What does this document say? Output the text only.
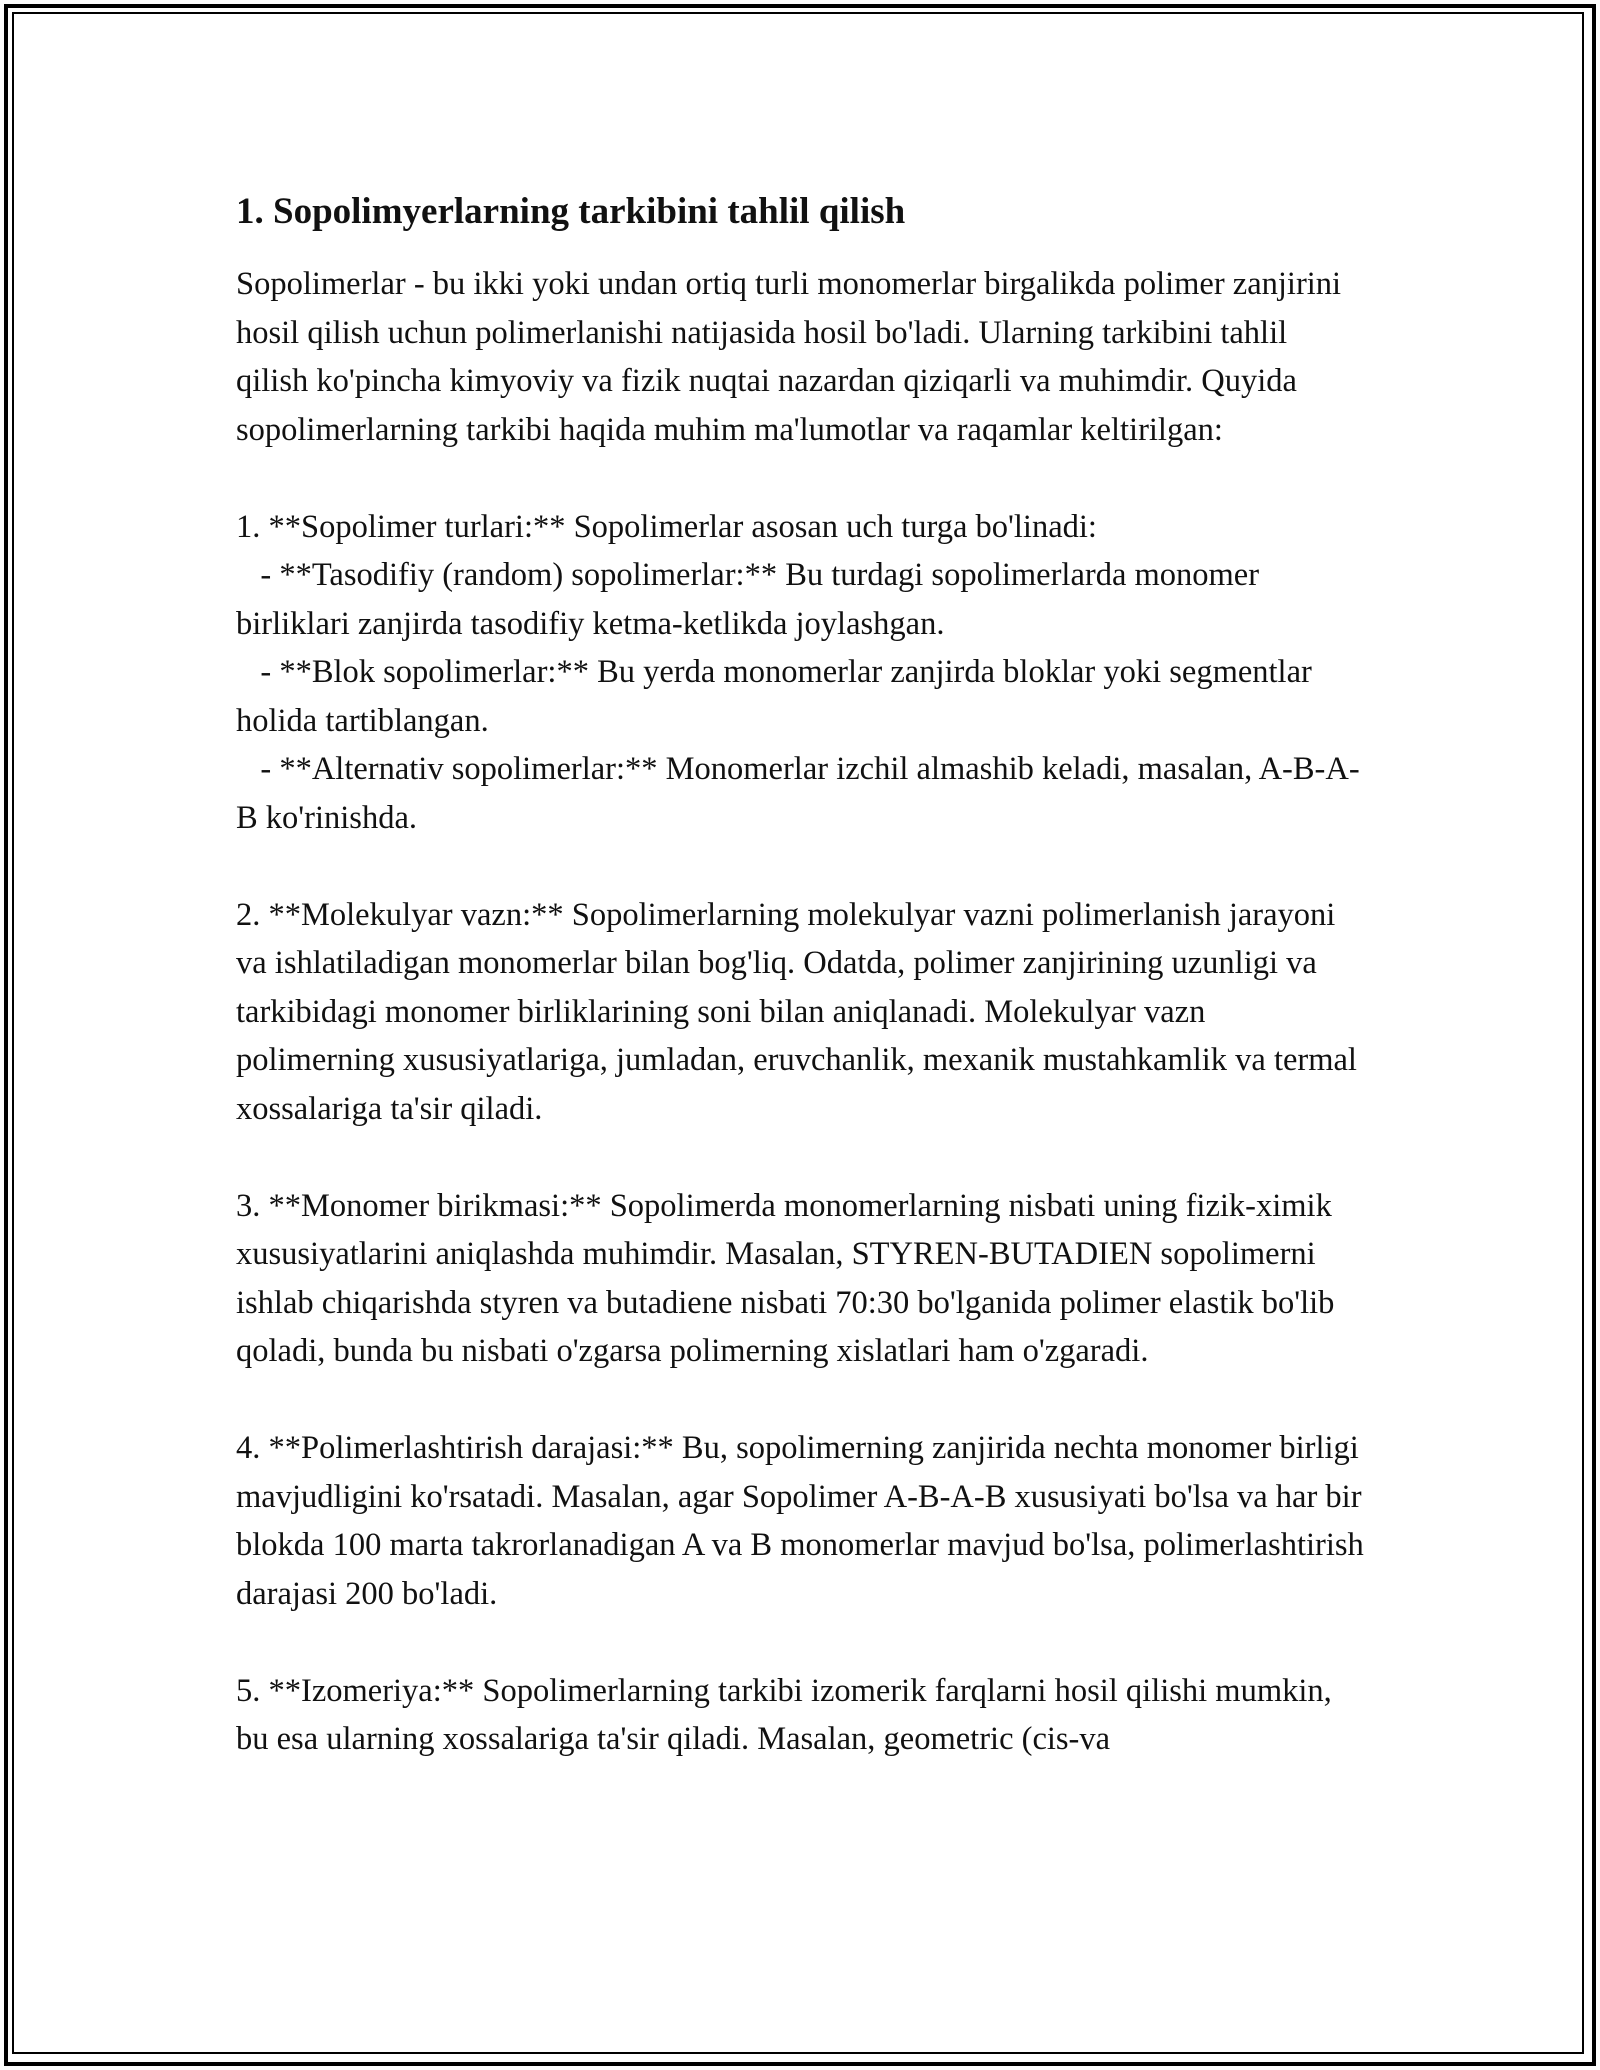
1. Sopolimyerlarning tarkibini tahlil qilish

Sopolimerlar - bu ikki yoki undan ortiq turli monomerlar birgalikda polimer zanjirini hosil qilish uchun polimerlanishi natijasida hosil bo'ladi. Ularning tarkibini tahlil qilish ko'pincha kimyoviy va fizik nuqtai nazardan qiziqarli va muhimdir. Quyida sopolimerlarning tarkibi haqida muhim ma'lumotlar va raqamlar keltirilgan:

1. **Sopolimer turlari:** Sopolimerlar asosan uch turga bo'linadi:
- **Tasodifiy (random) sopolimerlar:** Bu turdagi sopolimerlarda monomer birliklari zanjirda tasodifiy ketma-ketlikda joylashgan.
- **Blok sopolimerlar:** Bu yerda monomerlar zanjirda bloklar yoki segmentlar holida tartiblangan.
- **Alternativ sopolimerlar:** Monomerlar izchil almashib keladi, masalan, A-B-A-B ko'rinishda.

2. **Molekulyar vazn:** Sopolimerlarning molekulyar vazni polimerlanish jarayoni va ishlatiladigan monomerlar bilan bog'liq. Odatda, polimer zanjirining uzunligi va tarkibidagi monomer birliklarining soni bilan aniqlanadi. Molekulyar vazn polimerning xususiyatlariga, jumladan, eruvchanlik, mexanik mustahkamlik va termal xossalariga ta'sir qiladi.

3. **Monomer birikmasi:** Sopolimerda monomerlarning nisbati uning fizik-ximik xususiyatlarini aniqlashda muhimdir. Masalan, STYREN-BUTADIEN sopolimerni ishlab chiqarishda styren va butadiene nisbati 70:30 bo'lganida polimer elastik bo'lib qoladi, bunda bu nisbati o'zgarsa polimerning xislatlari ham o'zgaradi.

4. **Polimerlashtirish darajasi:** Bu, sopolimerning zanjirida nechta monomer birligi mavjudligini ko'rsatadi. Masalan, agar Sopolimer A-B-A-B xususiyati bo'lsa va har bir blokda 100 marta takrorlanadigan A va B monomerlar mavjud bo'lsa, polimerlashtirish darajasi 200 bo'ladi.

5. **Izomeriya:** Sopolimerlarning tarkibi izomerik farqlarni hosil qilishi mumkin, bu esa ularning xossalariga ta'sir qiladi. Masalan, geometric (cis-va
